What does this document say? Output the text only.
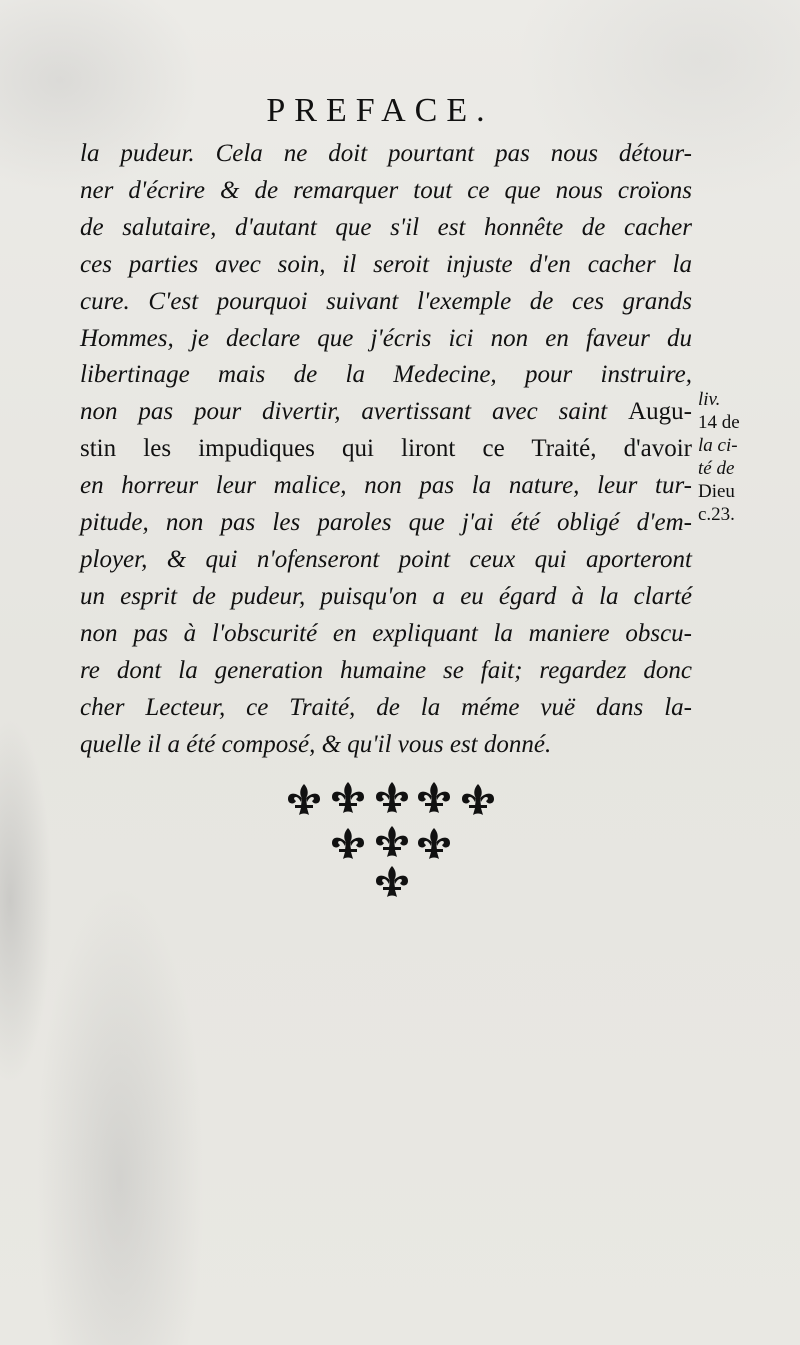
PREFACE.
la pudeur. Cela ne doit pourtant pas nous détour-
ner d'écrire & de remarquer tout ce que nous croïons
de salutaire, d'autant que s'il est honnête de cacher
ces parties avec soin, il seroit injuste d'en cacher la
cure. C'est pourquoi suivant l'exemple de ces grands
Hommes, je declare que j'écris ici non en faveur du
libertinage mais de la Medecine, pour instruire,
non pas pour divertir, avertissant avec saint Augu-
stin les impudiques qui liront ce Traité, d'avoir
en horreur leur malice, non pas la nature, leur tur-
pitude, non pas les paroles que j'ai été obligé d'em-
ployer, & qui n'ofenseront point ceux qui aporteront
un esprit de pudeur, puisqu'on a eu égard à la clarté
non pas à l'obscurité en expliquant la maniere obscu-
re dont la generation humaine se fait; regardez donc
cher Lecteur, ce Traité, de la méme vuë dans la-
quelle il a été composé, & qu'il vous est donné.
liv.
14 de
la ci-
té de
Dieu
c.23.
